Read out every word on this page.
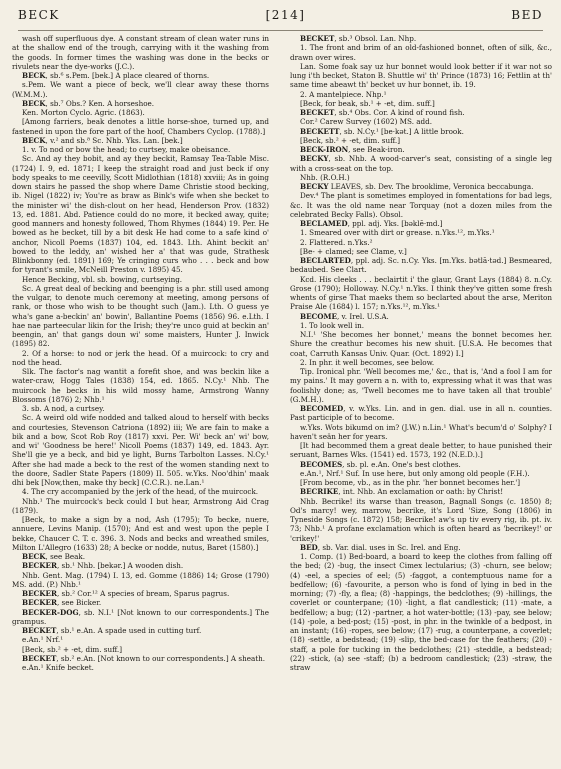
BECK	[214]	BED

wash off superfluous dye. A constant stream of clean water runs in at the shallow end of the trough, carrying with it the washing from the goods. In former times the washing was done in the becks or rivulets near the dye-works (J.C.).

BECK, sb.⁶ s.Pem. [bek.] A place cleared of thorns.

s.Pem. We want a piece of beck, we'll clear away these thorns (W.M.M.).

BECK, sb.⁷ Obs.? Ken. A horseshoe.

Ken. Morton Cyclo. Agric. (1863).

[Among farriers, beak denotes a little horse-shoe, turned up, and fastened in upon the fore part of the hoof, Chambers Cyclop. (1788).]

BECK, v.² and sb.⁸ Sc. Nhb. Yks. Lan. [bek.]

1. v. To nod or bow the head; to curtsey, make obeisance.

Sc. And ay they bobit, and ay they beckit, Ramsay Tea-Table Misc. (1724) I. 9, ed. 1871; I keep the straight road and just beck if ony body speaks to me ceevilly, Scott Midlothian (1818) xxviii; As in going down stairs he passed the shop where Dame Christie stood becking, ib. Nigel (1822) iv; You're as braw as Bink's wife when she becket to the minister wi' the dish-clout on her head, Henderson Prov. (1832) 13, ed. 1881. Abd. Patience could do no more, it becked away, quite; good manners and honesty followed, Thom Rhymes (1844) 19. Per. He bowed as he becket, till by a bit desk He had come to a safe kind o' anchor, Nicoll Poems (1837) 104, ed. 1843. Lth. Ahint beckit an' bowed to the leddy, an' wished her a' that was gude, Strathesk Blinkbonny (ed. 1891) 169; Ye cringing curs who . . . beck and bow for tyrant's smile, McNeill Preston v. 1895) 45.

Hence Becking, vbl. sb. bowing, curtseying.

Sc. A great deal of becking and beenging is a phr. still used among the vulgar, to denote much ceremony at meeting, among persons of rank, or those who wish to be thought such (Jam.). Lth. O guess ye wha's gane a-beckin' an' bowin', Ballantine Poems (1856) 96. e.Lth. I hae nae parteecular likin for the Irish; they're unco guid at beckin an' beengin, an' that gangs doun wi' some maisters, Hunter J. Inwick (1895) 82.

2. Of a horse: to nod or jerk the head. Of a muircock: to cry and nod the head.

Slk. The factor's nag wantit a forefit shoe, and was beckin like a water-craw, Hogg Tales (1838) 154, ed. 1865. N.Cy.¹ Nhb. The muircock he becks in his wild mossy hame, Armstrong Wanny Blossoms (1876) 2; Nhb.¹

3. sb. A nod, a curtsey.

Sc. A weird old wife nodded and talked aloud to herself with becks and courtesies, Stevenson Catriona (1892) iii; We are fain to make a bik and a bow, Scot Rob Roy (1817) xxvi. Per. Wi' beck an' wi' bow, and wi' 'Goodness be here!' Nicoll Poems (1837) 149, ed. 1843. Ayr. She'll gie ye a beck, and bid ye light, Burns Tarbolton Lasses. N.Cy.¹ After she had made a beck to the rest of the women standing next to the doore, Sadler State Papers (1809) II. 505. w.Yks. Noo'dhin' maak dhi bek [Now,then, make thy beck] (C.C.R.). ne.Lan.¹

4. The cry accompanied by the jerk of the head, of the muircock.

Nhb.¹ The muircock's beck could I but hear, Armstrong Aid Crag (1879).

[Beck, to make a sign by a nod, Ash (1795); To becke, nuere, annuere, Levins Manip. (1570); And est and west upon the peple I bekke, Chaucer C. T. c. 396. 3. Nods and becks and wreathed smiles, Milton L'Allegro (1633) 28; A becke or nodde, nutus, Baret (1580).]

BECK, see Beak.

BECKER, sb.¹ Nhb. [bekər.] A wooden dish.

Nhb. Gent. Mag. (1794) I. 13, ed. Gomme (1886) 14; Grose (1790) MS. add. (P.) Nhb.¹

BECKER, sb.² Cor.¹² A species of bream, Sparus pagrus.

BECKER, see Bicker.

BECKER-DOG, sb. N.I.¹ [Not known to our correspondents.] The grampus.

BECKET, sb.¹ e.An. A spade used in cutting turf.

e.An.¹ Nrf.¹

[Beck, sb.² + -et, dim. suff.]

BECKET, sb.² e.An. [Not known to our correspondents.] A sheath.

e.An.¹ Knife becket.

BECKET, sb.³ Obsol. Lan. Nhp.

1. The front and brim of an old-fashioned bonnet, often of silk, &c., drawn over wires.

Lan. Some foak say uz hur bonnet would look better if it war not so lung i'th becket, Staton B. Shuttle wi' th' Prince (1873) 16; Fettlin at th' same time abeawt th' becket uv hur bonnet, ib. 19.

2. A mantelpiece. Nhp.¹

[Beck, for beak, sb.¹ + -et, dim. suff.]

BECKET, sb.⁴ Obs. Cor. A kind of round fish.

Cor.² Carew Survey (1602) MS. add.

BECKETT, sb. N.Cy.¹ [be·kət.] A little brook.

[Beck, sb.² + -et, dim. suff.]

BECK-IRON, see Beak-iron.

BECKY, sb. Nhb. A wood-carver's seat, consisting of a single leg with a cross-seat on the top.

Nhb. (R.O.H.)

BECKY LEAVES, sb. Dev. The brooklime, Veronica beccabunga.

Dev.⁴ The plant is sometimes employed in fomentations for bad legs, &c. It was the old name near Torquay (not a dozen miles from the celebrated Becky Falls). Obsol.

BECLAMED, ppl. adj. Yks. [bəklē·md.]

1. Smeared over with dirt or grease. n.Yks.¹², m.Yks.¹

2. Flattered. n.Yks.²

[Be- + clamed; see Clame, v.]

BECLARTED, ppl. adj. Sc. n.Cy. Yks. [m.Yks. bətlā·təd.] Besmeared, bedaubed. See Clart.

Kcd. His cleeks . . . beclairtit i' the glaur, Grant Lays (1884) 8. n.Cy. Grose (1790); Holloway. N.Cy.¹ n.Yks. I think they've gitten some fresh whents of girse That maeks them so beclarted about the arse, Meriton Praise Ale (1684) l. 157; n.Yks.¹², m.Yks.¹

BECOME, v. Irel. U.S.A.

1. To look well in.

N.I.¹ 'She becomes her bonnet,' means the bonnet becomes her. Shure the creathur becomes his new shuit. [U.S.A. He becomes that coat, Carruth Kansas Univ. Quar. (Oct. 1892) I.]

2. In phr. it well becomes, see below.

Tip. Ironical phr. 'Well becomes me,' &c., that is, 'And a fool I am for my pains.' It may govern a n. with to, expressing what it was that was foolishly done; as, 'Twell becomes me to have taken all that trouble' (G.M.H.).

BECOMED, v. w.Yks. Lin. and in gen. dial. use in all n. counties. Past participle of to become.

w.Yks. Wots bikumd on im? (J.W.) n.Lin.¹ What's becum'd o' Solphy? I haven't seän her for years.

[It had becommed them a great deale better, to haue punished their seruant, Barnes Wks. (1541) ed. 1573, 192 (N.E.D.).]

BECOMES, sb. pl. e.An. One's best clothes.

e.An.¹, Nrf.¹ Suf. In use here, but only among old people (F.H.).

[From become, vb., as in the phr. 'her bonnet becomes her.']

BECRIKE, int. Nhb. An exclamation or oath: by Christ!

Nhb. Becrike! its warse than treason, Bagnall Songs (c. 1850) 8; Od's marcy! wey, marrow, becrike, it's Lord 'Size, Song (1806) in Tyneside Songs (c. 1872) 158; Becrike! aw's up tiv every rig, ib. pt. iv. 73; Nhb.¹ A profane exclamation which is often heard as 'becrikey!' or 'crikey!'

BED, sb. Var. dial. uses in Sc. Irel. and Eng.

1. Comp. (1) Bed-board, a board to keep the clothes from falling off the bed; (2) -bug, the insect Cimex lectularius; (3) -churn, see below; (4) -eel, a species of eel; (5) -faggot, a contemptuous name for a bedfellow; (6) -favourite, a person who is fond of lying in bed in the morning; (7) -fly, a flea; (8) -happings, the bedclothes; (9) -hillings, the coverlet or counterpane; (10) -light, a flat candlestick; (11) -mate, a bedfellow; a bug; (12) -partner, a hot water-bottle; (13) -pay, see below; (14) -pole, a bed-post; (15) -post, in phr. in the twinkle of a bedpost, in an instant; (16) -ropes, see below; (17) -rug, a counterpane, a coverlet; (18) -settle, a bedstead; (19) -slip, the bed-case for the feathers; (20) -staff, a pole for tucking in the bedclothes; (21) -steddle, a bedstead; (22) -stick, (a) see -staff; (b) a bedroom candlestick; (23) -straw, the straw
